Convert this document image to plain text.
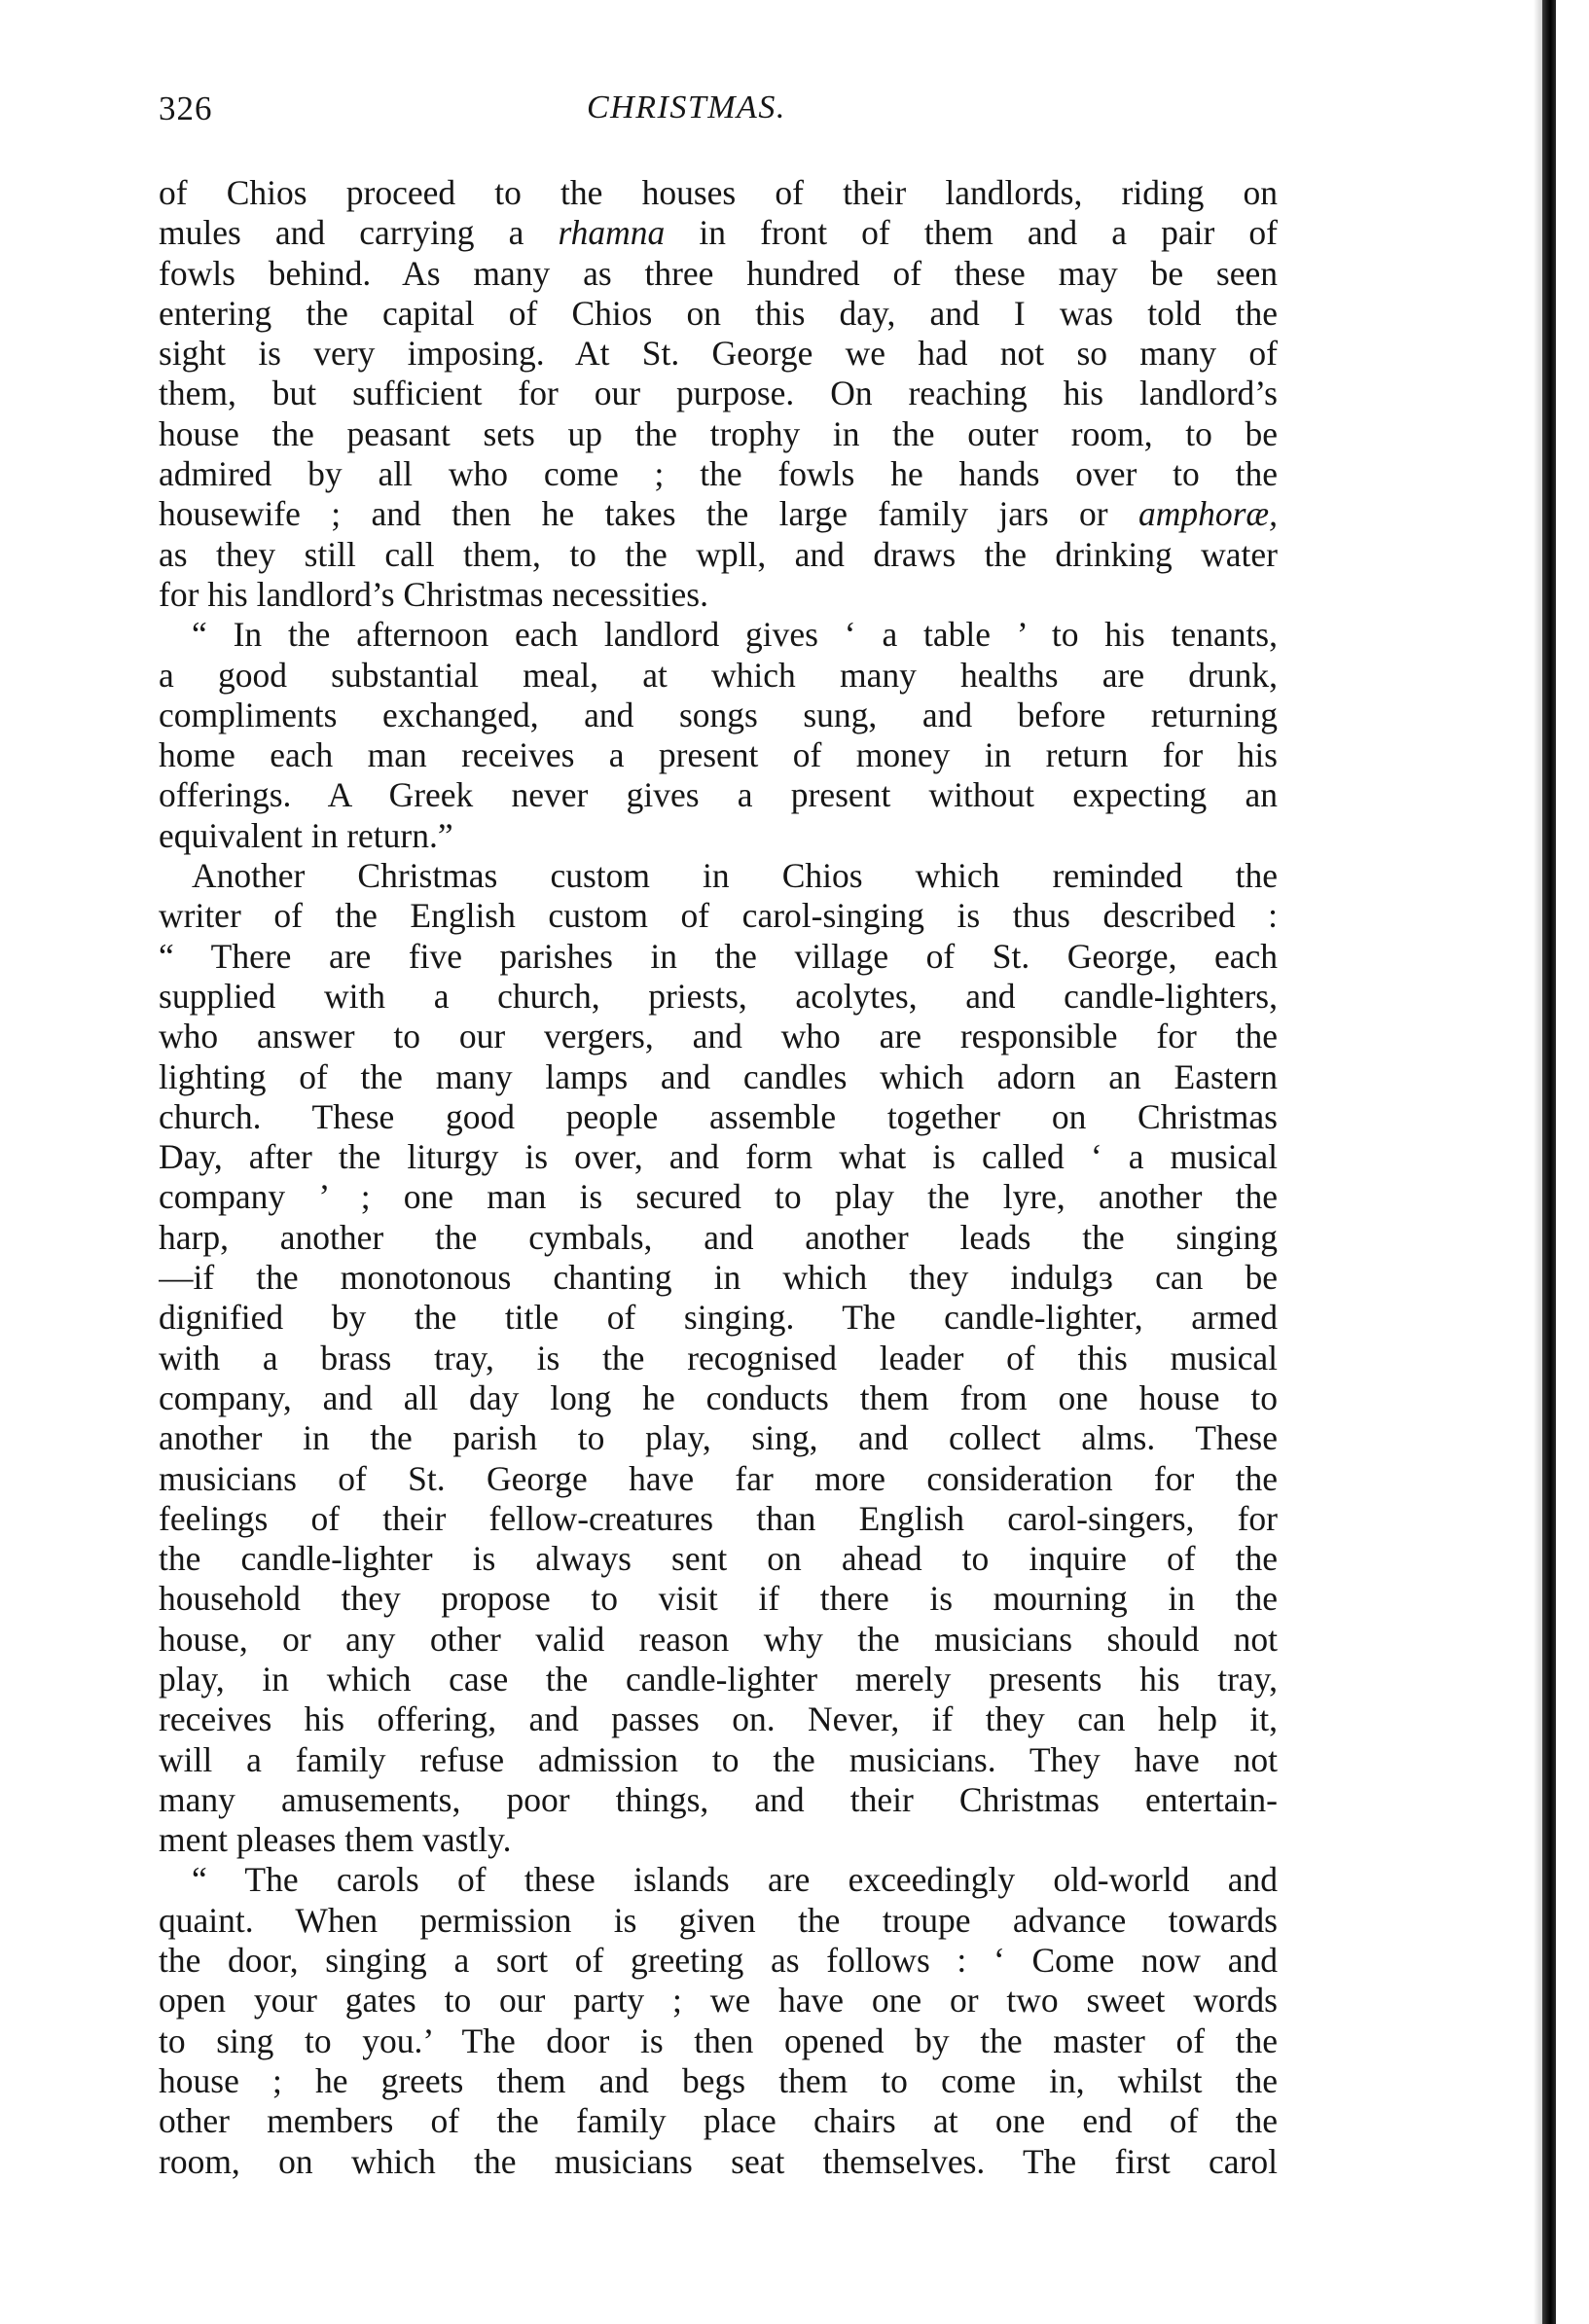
326	CHRISTMAS.
of Chios proceed to the houses of their landlords, riding on
mules and carrying a rhamna in front of them and a pair of
fowls behind. As many as three hundred of these may be seen
entering the capital of Chios on this day, and I was told the
sight is very imposing. At St. George we had not so many of
them, but sufficient for our purpose. On reaching his landlord’s
house the peasant sets up the trophy in the outer room, to be
admired by all who come ; the fowls he hands over to the
housewife ; and then he takes the large family jars or amphoræ,
as they still call them, to the wpll, and draws the drinking water
for his landlord’s Christmas necessities.
“ In the afternoon each landlord gives ‘ a table ’ to his tenants,
a good substantial meal, at which many healths are drunk,
compliments exchanged, and songs sung, and before returning
home each man receives a present of money in return for his
offerings. A Greek never gives a present without expecting an
equivalent in return.”
Another Christmas custom in Chios which reminded the
writer of the English custom of carol-singing is thus described :
“ There are five parishes in the village of St. George, each
supplied with a church, priests, acolytes, and candle-lighters,
who answer to our vergers, and who are responsible for the
lighting of the many lamps and candles which adorn an Eastern
church. These good people assemble together on Christmas
Day, after the liturgy is over, and form what is called ‘ a musical
company ’ ; one man is secured to play the lyre, another the
harp, another the cymbals, and another leads the singing
—if the monotonous chanting in which they indulgɜ can be
dignified by the title of singing. The candle-lighter, armed
with a brass tray, is the recognised leader of this musical
company, and all day long he conducts them from one house to
another in the parish to play, sing, and collect alms. These
musicians of St. George have far more consideration for the
feelings of their fellow-creatures than English carol-singers, for
the candle-lighter is always sent on ahead to inquire of the
household they propose to visit if there is mourning in the
house, or any other valid reason why the musicians should not
play, in which case the candle-lighter merely presents his tray,
receives his offering, and passes on. Never, if they can help it,
will a family refuse admission to the musicians. They have not
many amusements, poor things, and their Christmas entertain-
ment pleases them vastly.
“ The carols of these islands are exceedingly old-world and
quaint. When permission is given the troupe advance towards
the door, singing a sort of greeting as follows : ‘ Come now and
open your gates to our party ; we have one or two sweet words
to sing to you.’ The door is then opened by the master of the
house ; he greets them and begs them to come in, whilst the
other members of the family place chairs at one end of the
room, on which the musicians seat themselves. The first carol
